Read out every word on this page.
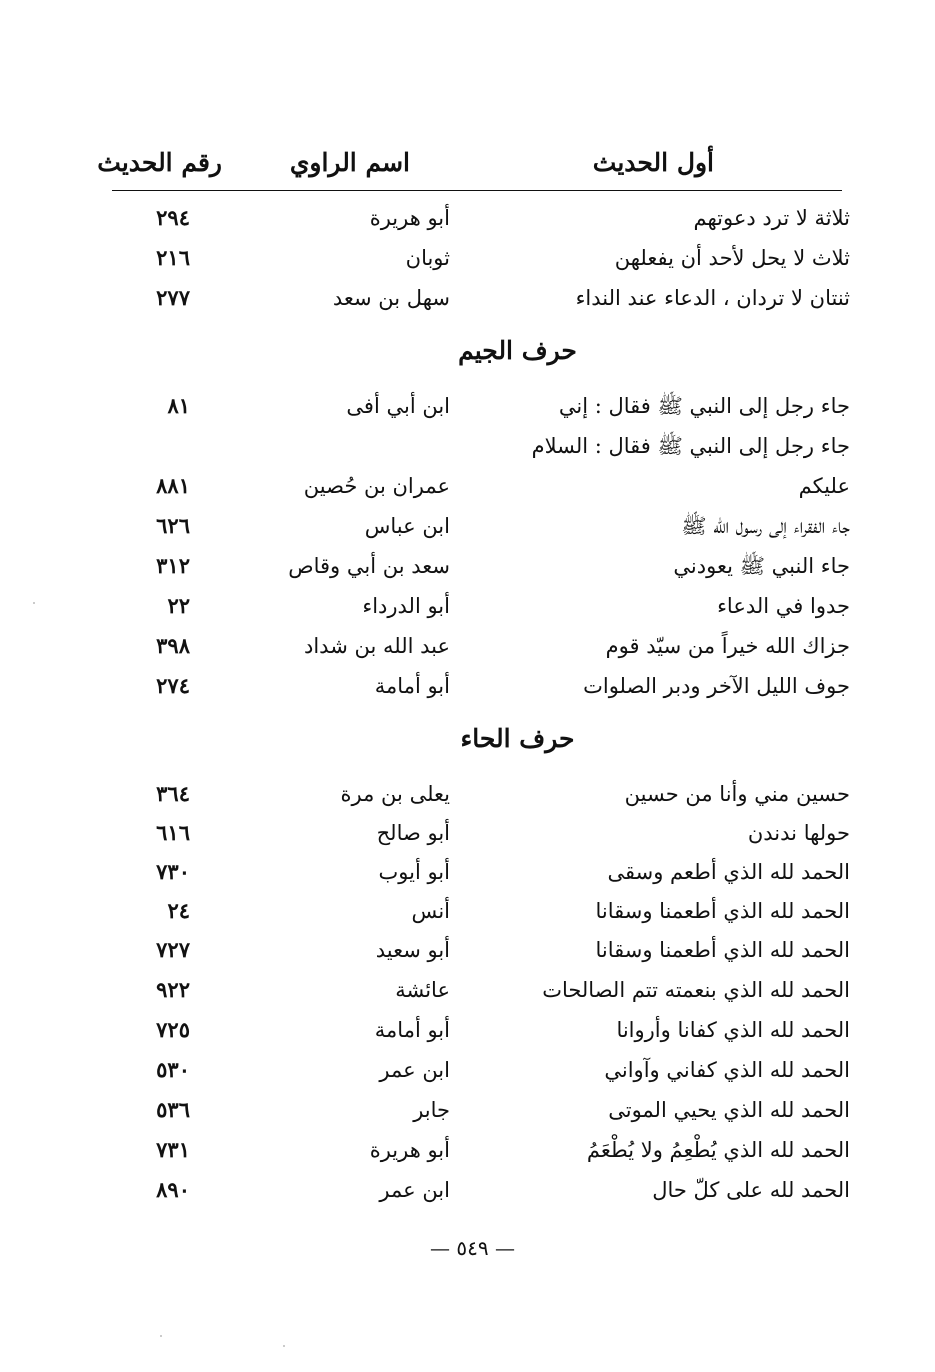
أول الحديث
اسم الراوي
رقم الحديث
ثلاثة لا ترد دعوتهم
أبو هريرة
٢٩٤
ثلاث لا يحل لأحد أن يفعلهن
ثوبان
٢١٦
ثنتان لا تردان ، الدعاء عند النداء
سهل بن سعد
٢٧٧
حرف الجيم
جاء رجل إلى النبي ﷺ فقال : إني
ابن أبي أفى
٨١
جاء رجل إلى النبي ﷺ فقال : السلام
عليكم
عمران بن حُصين
٨٨١
جاء الفقراء إلى رسول الله ﷺ
ابن عباس
٦٢٦
جاء النبي ﷺ يعودني
سعد بن أبي وقاص
٣١٢
جدوا في الدعاء
أبو الدرداء
٢٢
جزاك الله خيراً من سيّد قوم
عبد الله بن شداد
٣٩٨
جوف الليل الآخر ودبر الصلوات
أبو أمامة
٢٧٤
حرف الحاء
حسين مني وأنا من حسين
يعلى بن مرة
٣٦٤
حولها ندندن
أبو صالح
٦١٦
الحمد لله الذي أطعم وسقى
أبو أيوب
٧٣٠
الحمد لله الذي أطعمنا وسقانا
أنس
٢٤
الحمد لله الذي أطعمنا وسقانا
أبو سعيد
٧٢٧
الحمد لله الذي بنعمته تتم الصالحات
عائشة
٩٢٢
الحمد لله الذي كفانا وأروانا
أبو أمامة
٧٢٥
الحمد لله الذي كفاني وآواني
ابن عمر
٥٣٠
الحمد لله الذي يحيي الموتى
جابر
٥٣٦
الحمد لله الذي يُطْعِمُ ولا يُطْعَمُ
أبو هريرة
٧٣١
الحمد لله على كلّ حال
ابن عمر
٨٩٠
— ٥٤٩ —
